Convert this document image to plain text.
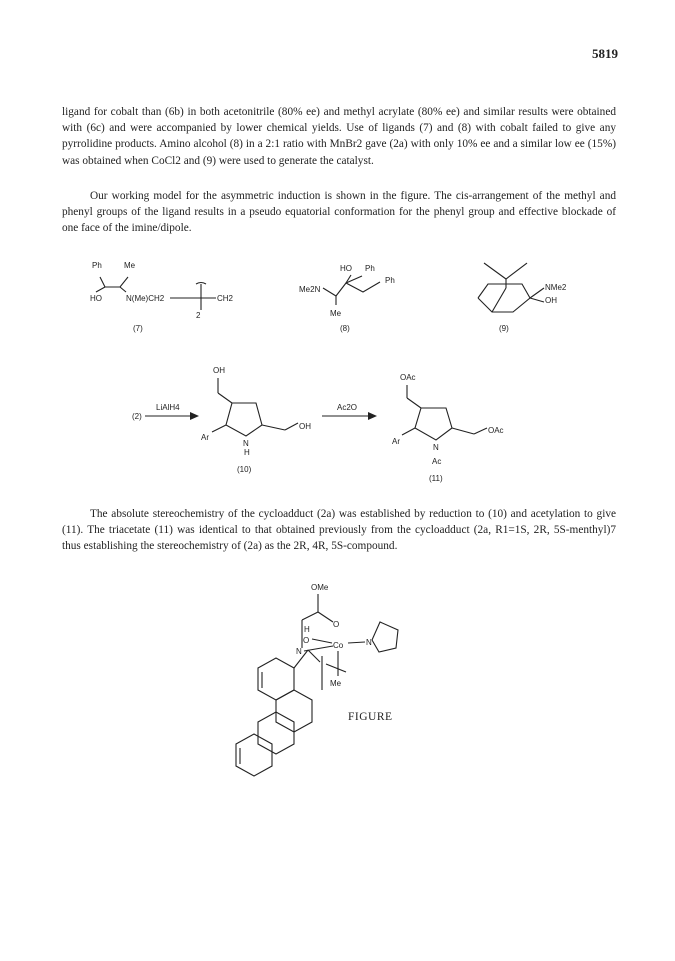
5819

ligand for cobalt than (6b) in both acetonitrile (80% ee) and methyl acrylate (80% ee) and similar results were obtained with (6c) and were accompanied by lower chemical yields. Use of ligands (7) and (8) with cobalt failed to give any pyrrolidine products. Amino alcohol (8) in a 2:1 ratio with MnBr2 gave (2a) with only 10% ee and a similar low ee (15%) was obtained when CoCl2 and (9) were used to generate the catalyst.

Our working model for the asymmetric induction is shown in the figure. The cis-arrangement of the methyl and phenyl groups of the ligand results in a pseudo equatorial conformation for the phenyl group and effective blockade of one face of the imine/dipole.

Ph	Me
HO	N(Me)CH2	CH2
2
(7)
HO Ph
Ph
Me2N
Me
(8)
NMe2
OH
(9)
(2)
LiAlH4
OH
Ar
N
H
OH
(10)
Ac2O
OAc
Ar
N
Ac
OAc
(11)
OMe
O
H
O
N
Co	N
Me
FIGURE

The absolute stereochemistry of the cycloadduct (2a) was established by reduction to (10) and acetylation to give (11). The triacetate (11) was identical to that obtained previously from the cycloadduct (2a, R1=1S, 2R, 5S-menthyl)7 thus establishing the stereochemistry of (2a) as the 2R, 4R, 5S-compound.
